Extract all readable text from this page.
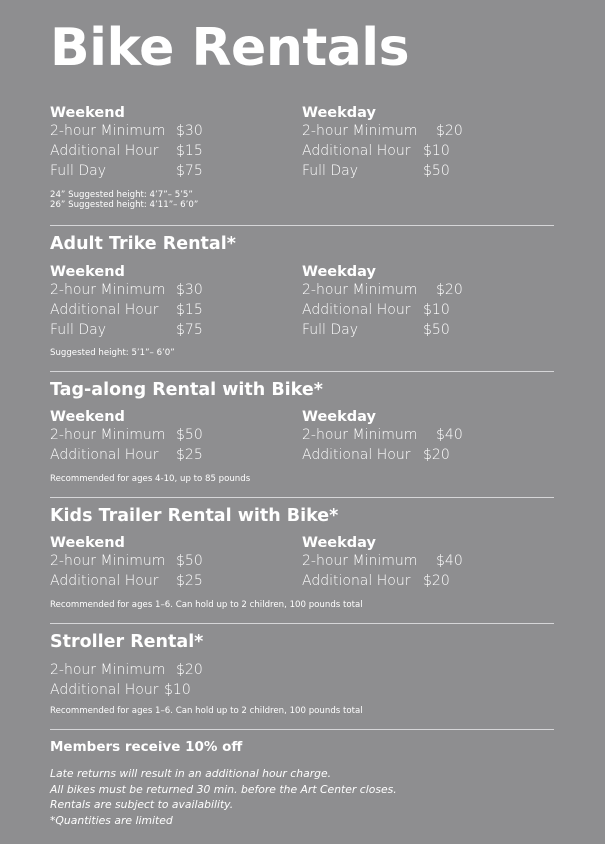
Bike Rentals
Weekend
2-hour Minimum $30
Additional Hour $15
Full Day	$75
Weekday
2-hour Minimum $20
Additional Hour $10
Full Day	$50
24” Suggested height: 4’7”– 5’5”
26” Suggested height: 4’11”– 6’0”
Adult Trike Rental*
Weekend
2-hour Minimum $30
Additional Hour $15
Full Day	$75
Weekday
2-hour Minimum $20
Additional Hour $10
Full Day	$50
Suggested height: 5’1”– 6’0”
Tag-along Rental with Bike*
Weekend
2-hour Minimum $50
Additional Hour $25
Weekday
2-hour Minimum $40
Additional Hour $20
Recommended for ages 4-10, up to 85 pounds
Kids Trailer Rental with Bike*
Weekend
2-hour Minimum $50
Additional Hour $25
Weekday
2-hour Minimum $40
Additional Hour $20
Recommended for ages 1–6. Can hold up to 2 children, 100 pounds total
Stroller Rental*
2-hour Minimum $20
Additional Hour $10
Recommended for ages 1–6. Can hold up to 2 children, 100 pounds total
Members receive 10% off
Late returns will result in an additional hour charge.
All bikes must be returned 30 min. before the Art Center closes.
Rentals are subject to availability.
*Quantities are limited
